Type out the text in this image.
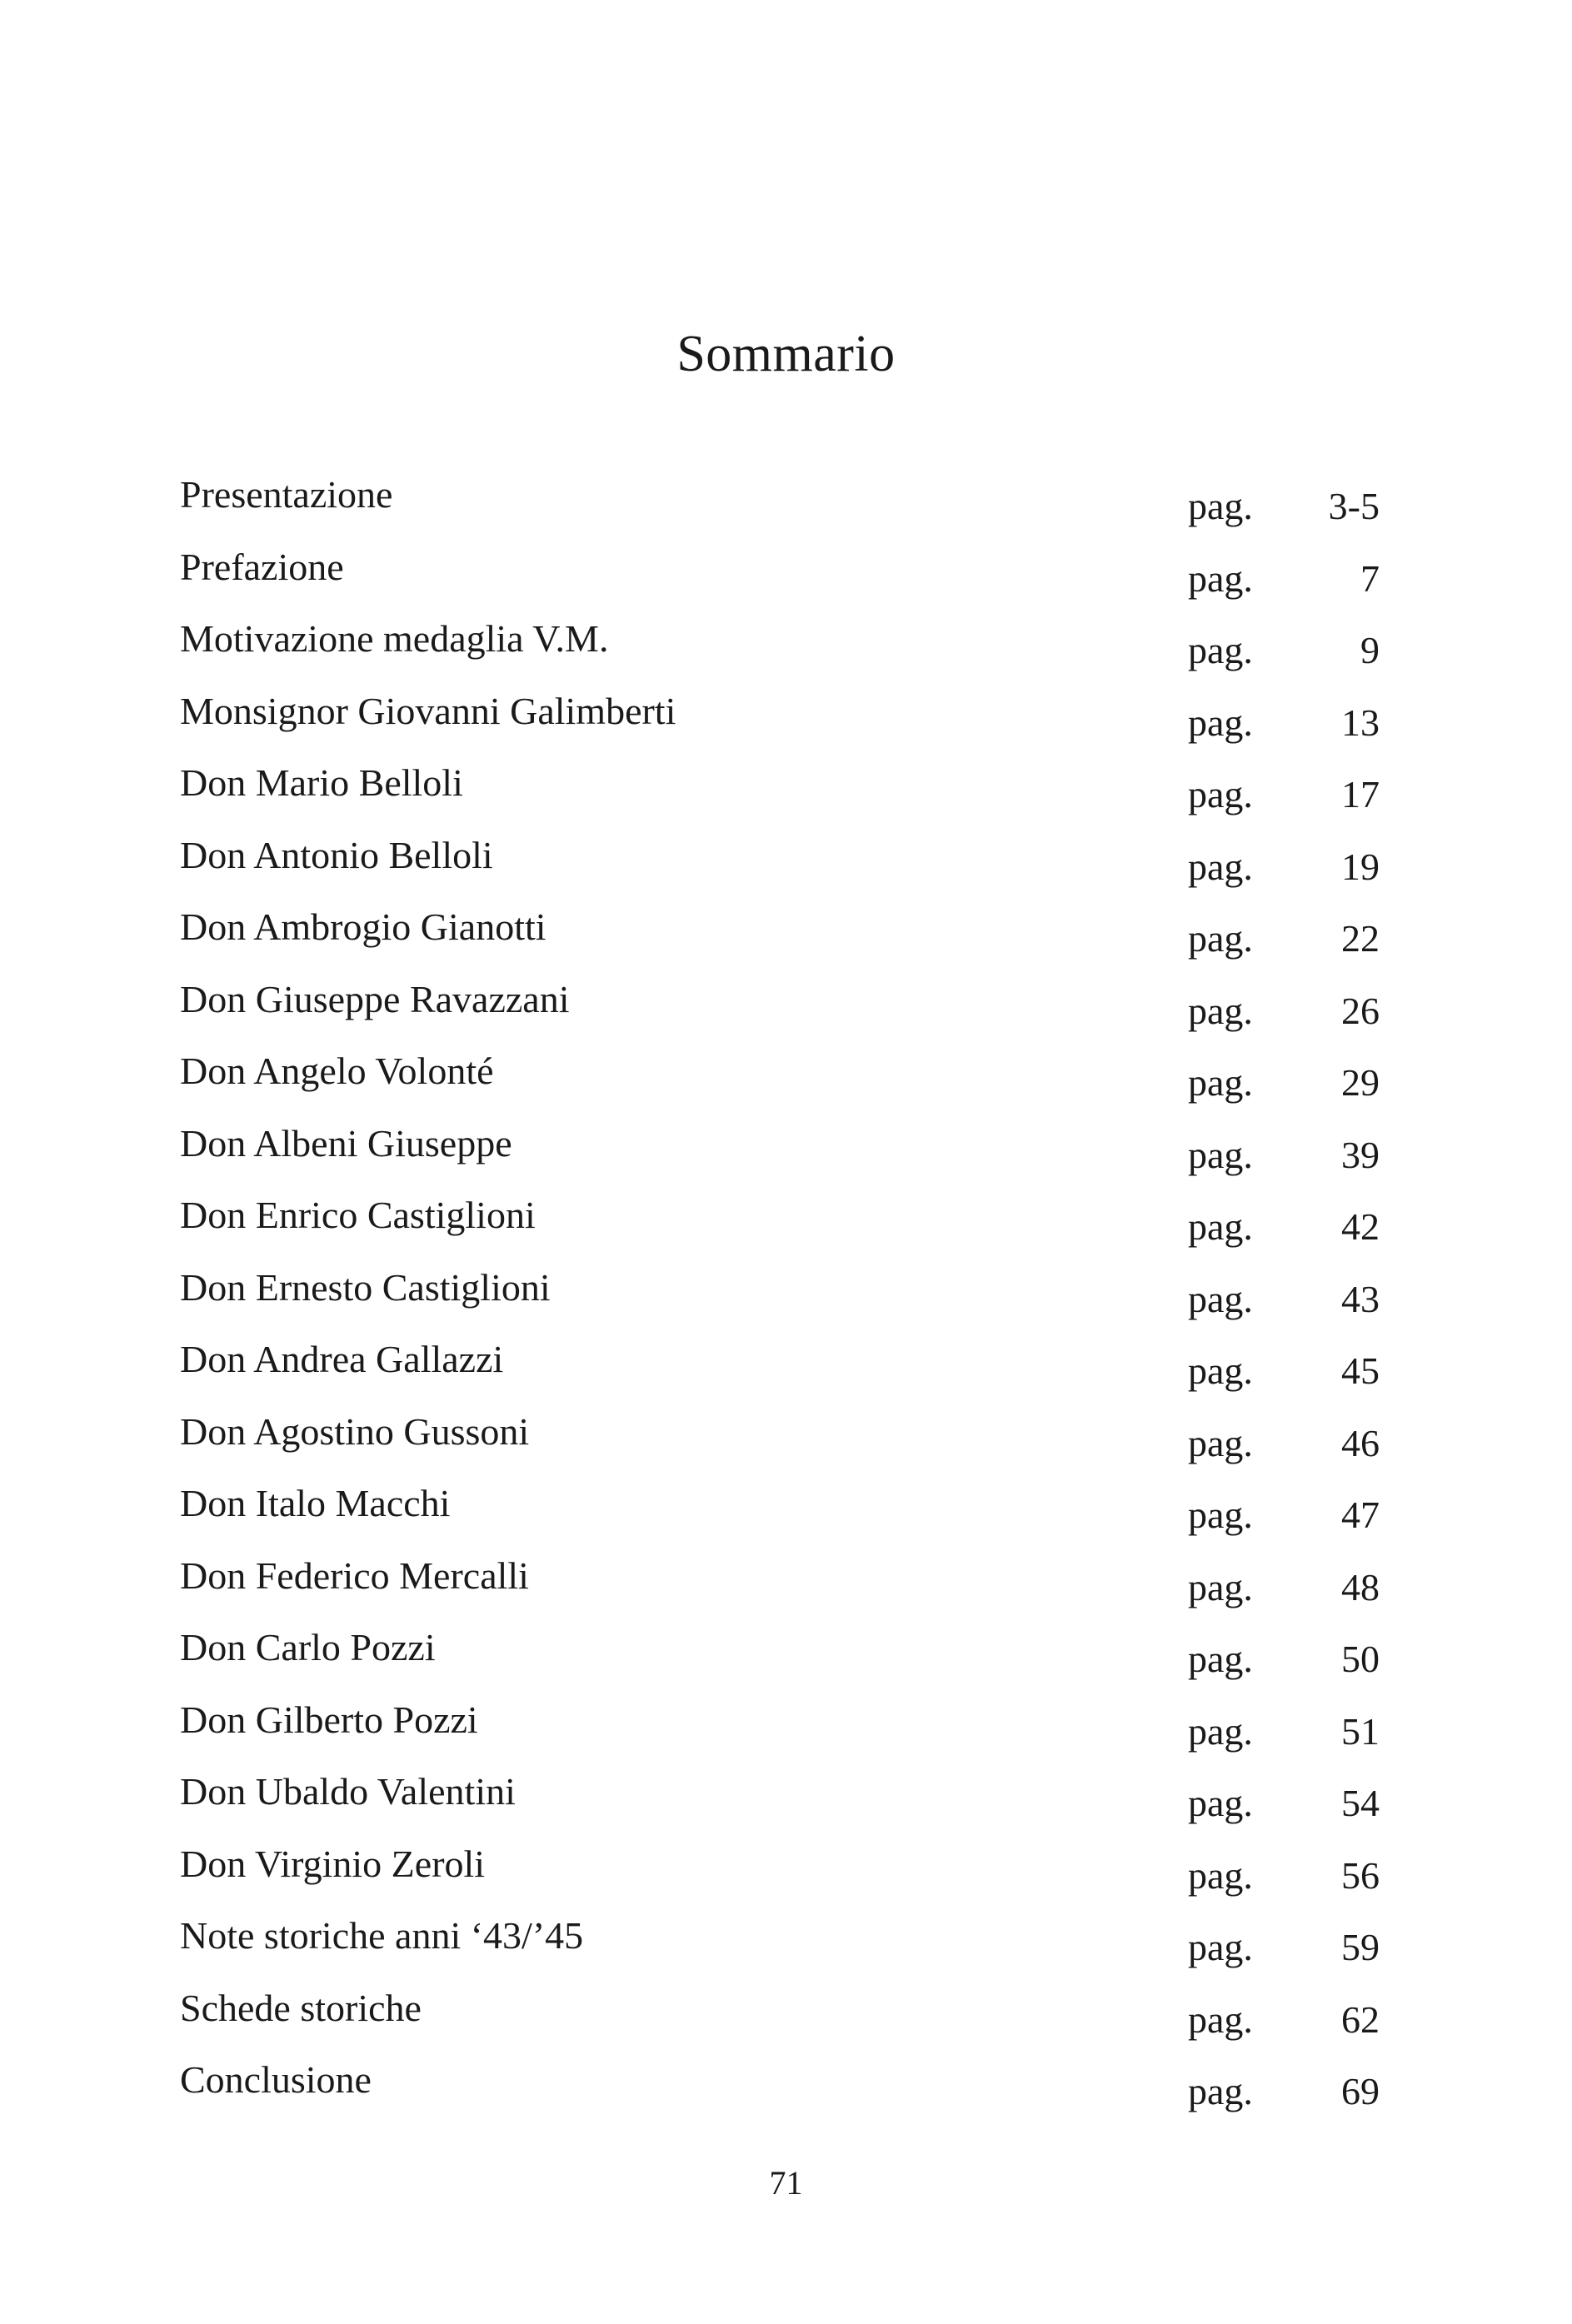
Sommario
Presentazione	pag.	3-5
Prefazione	pag.	7
Motivazione medaglia V.M.	pag.	9
Monsignor Giovanni Galimberti	pag.	13
Don Mario Belloli	pag.	17
Don Antonio Belloli	pag.	19
Don Ambrogio Gianotti	pag.	22
Don Giuseppe Ravazzani	pag.	26
Don Angelo Volonté	pag.	29
Don Albeni Giuseppe	pag.	39
Don Enrico Castiglioni	pag.	42
Don Ernesto Castiglioni	pag.	43
Don Andrea Gallazzi	pag.	45
Don Agostino Gussoni	pag.	46
Don Italo Macchi	pag.	47
Don Federico Mercalli	pag.	48
Don Carlo Pozzi	pag.	50
Don Gilberto Pozzi	pag.	51
Don Ubaldo Valentini	pag.	54
Don Virginio Zeroli	pag.	56
Note storiche anni ‘43/’45	pag.	59
Schede storiche	pag.	62
Conclusione	pag.	69
71
